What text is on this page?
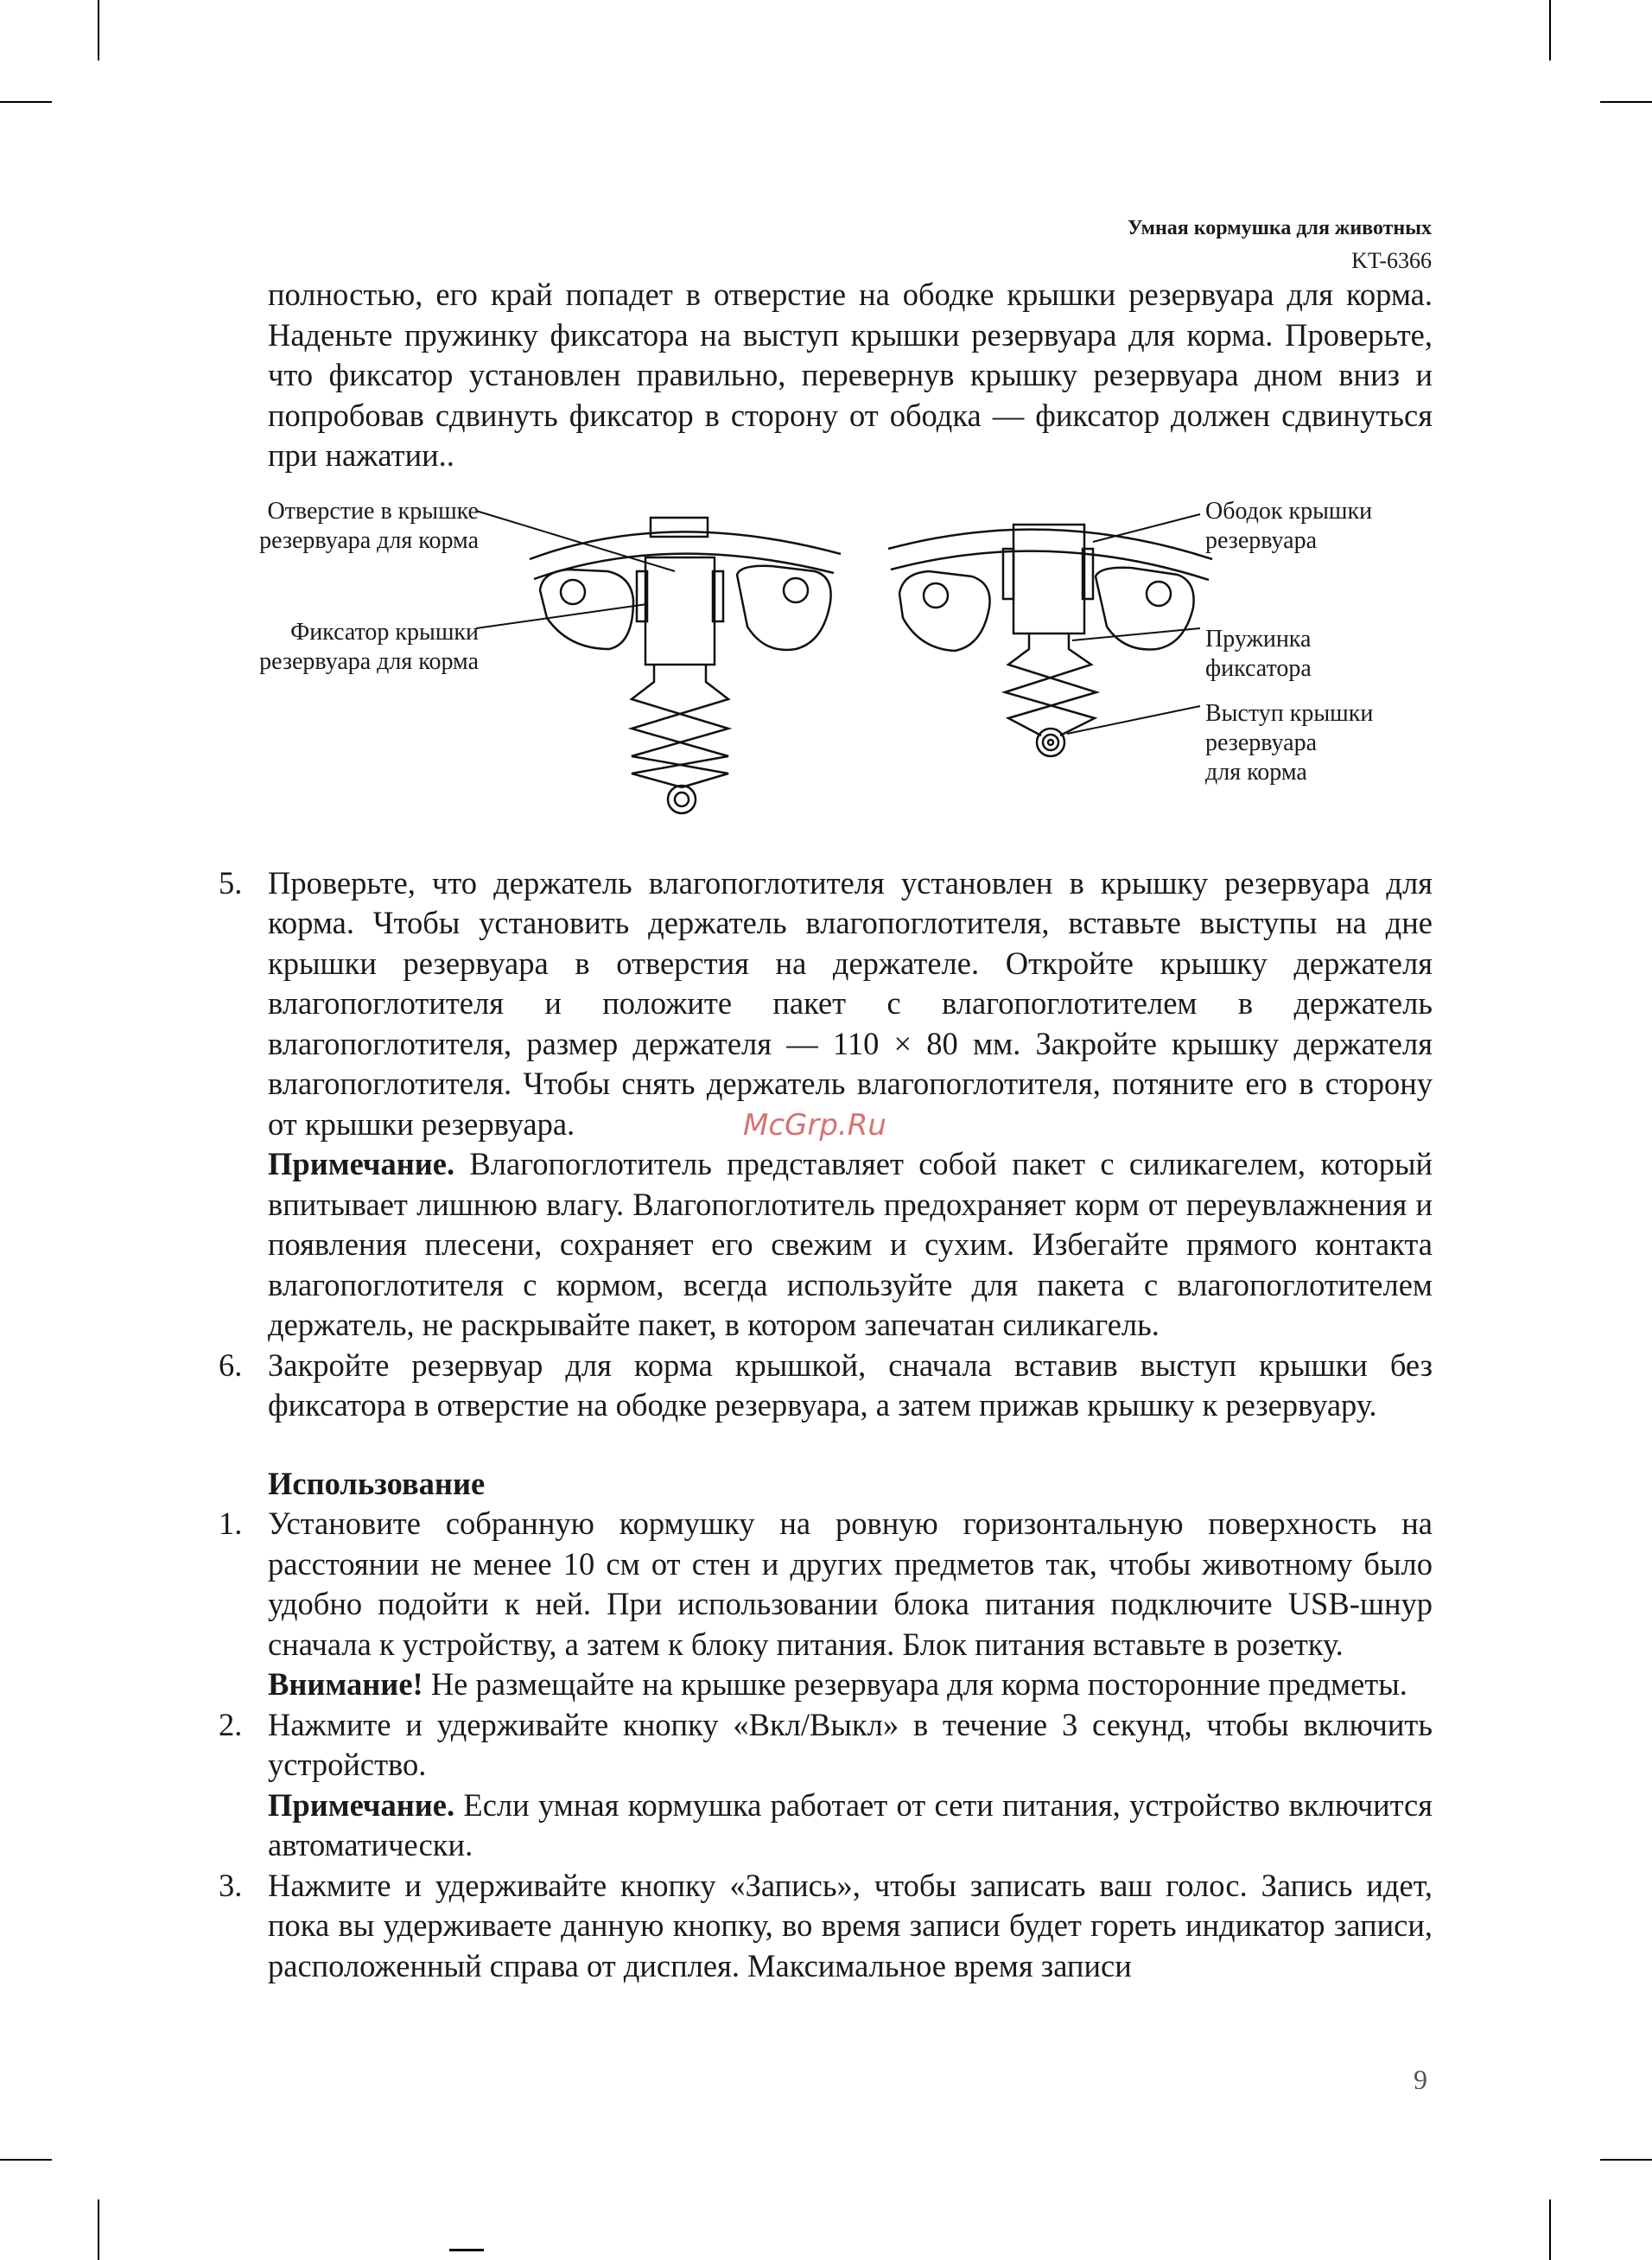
Умная кормушка для животных
KT-6366

полностью, его край попадет в отверстие на ободке крышки резервуара для корма. Наденьте пружинку фиксатора на выступ крышки резервуара для корма. Проверьте, что фиксатор установлен правильно, перевернув крышку резервуара дном вниз и попробовав сдвинуть фиксатор в сторону от ободка — фиксатор должен сдвинуться при нажатии..

Отверстие в крышке
резервуара для корма
Фиксатор крышки
резервуара для корма
Ободок крышки
резервуара
Пружинка
фиксатора
Выступ крышки
резервуара
для корма
5. Проверьте, что держатель влагопоглотителя установлен в крышку резервуара для корма. Чтобы установить держатель влагопоглотителя, вставьте выступы на дне крышки резервуара в отверстия на держателе. Откройте крышку держателя влагопоглотителя и положите пакет с влагопоглотителем в держатель влагопоглотителя, размер держателя — 110 × 80 мм. Закройте крышку держателя влагопоглотителя. Чтобы снять держатель влагопоглотителя, потяните его в сторону от крышки резервуара.

Примечание. Влагопоглотитель представляет собой пакет с силикагелем, который впитывает лишнюю влагу. Влагопоглотитель предохраняет корм от переувлажнения и появления плесени, сохраняет его свежим и сухим. Избегайте прямого контакта влагопоглотителя с кормом, всегда используйте для пакета с влагопоглотителем держатель, не раскрывайте пакет, в котором запечатан силикагель.

6. Закройте резервуар для корма крышкой, сначала вставив выступ крышки без фиксатора в отверстие на ободке резервуара, а затем прижав крышку к резервуару.

Использование

1. Установите собранную кормушку на ровную горизонтальную поверхность на расстоянии не менее 10 см от стен и других предметов так, чтобы животному было удобно подойти к ней. При использовании блока питания подключите USB-шнур сначала к устройству, а затем к блоку питания. Блок питания вставьте в розетку.

Внимание! Не размещайте на крышке резервуара для корма посторонние предметы.

2. Нажмите и удерживайте кнопку «Вкл/Выкл» в течение 3 секунд, чтобы включить устройство.

Примечание. Если умная кормушка работает от сети питания, устройство включится автоматически.

3. Нажмите и удерживайте кнопку «Запись», чтобы записать ваш голос. Запись идет, пока вы удерживаете данную кнопку, во время записи будет гореть индикатор записи, расположенный справа от дисплея. Максимальное время записи

McGrp.Ru
9
